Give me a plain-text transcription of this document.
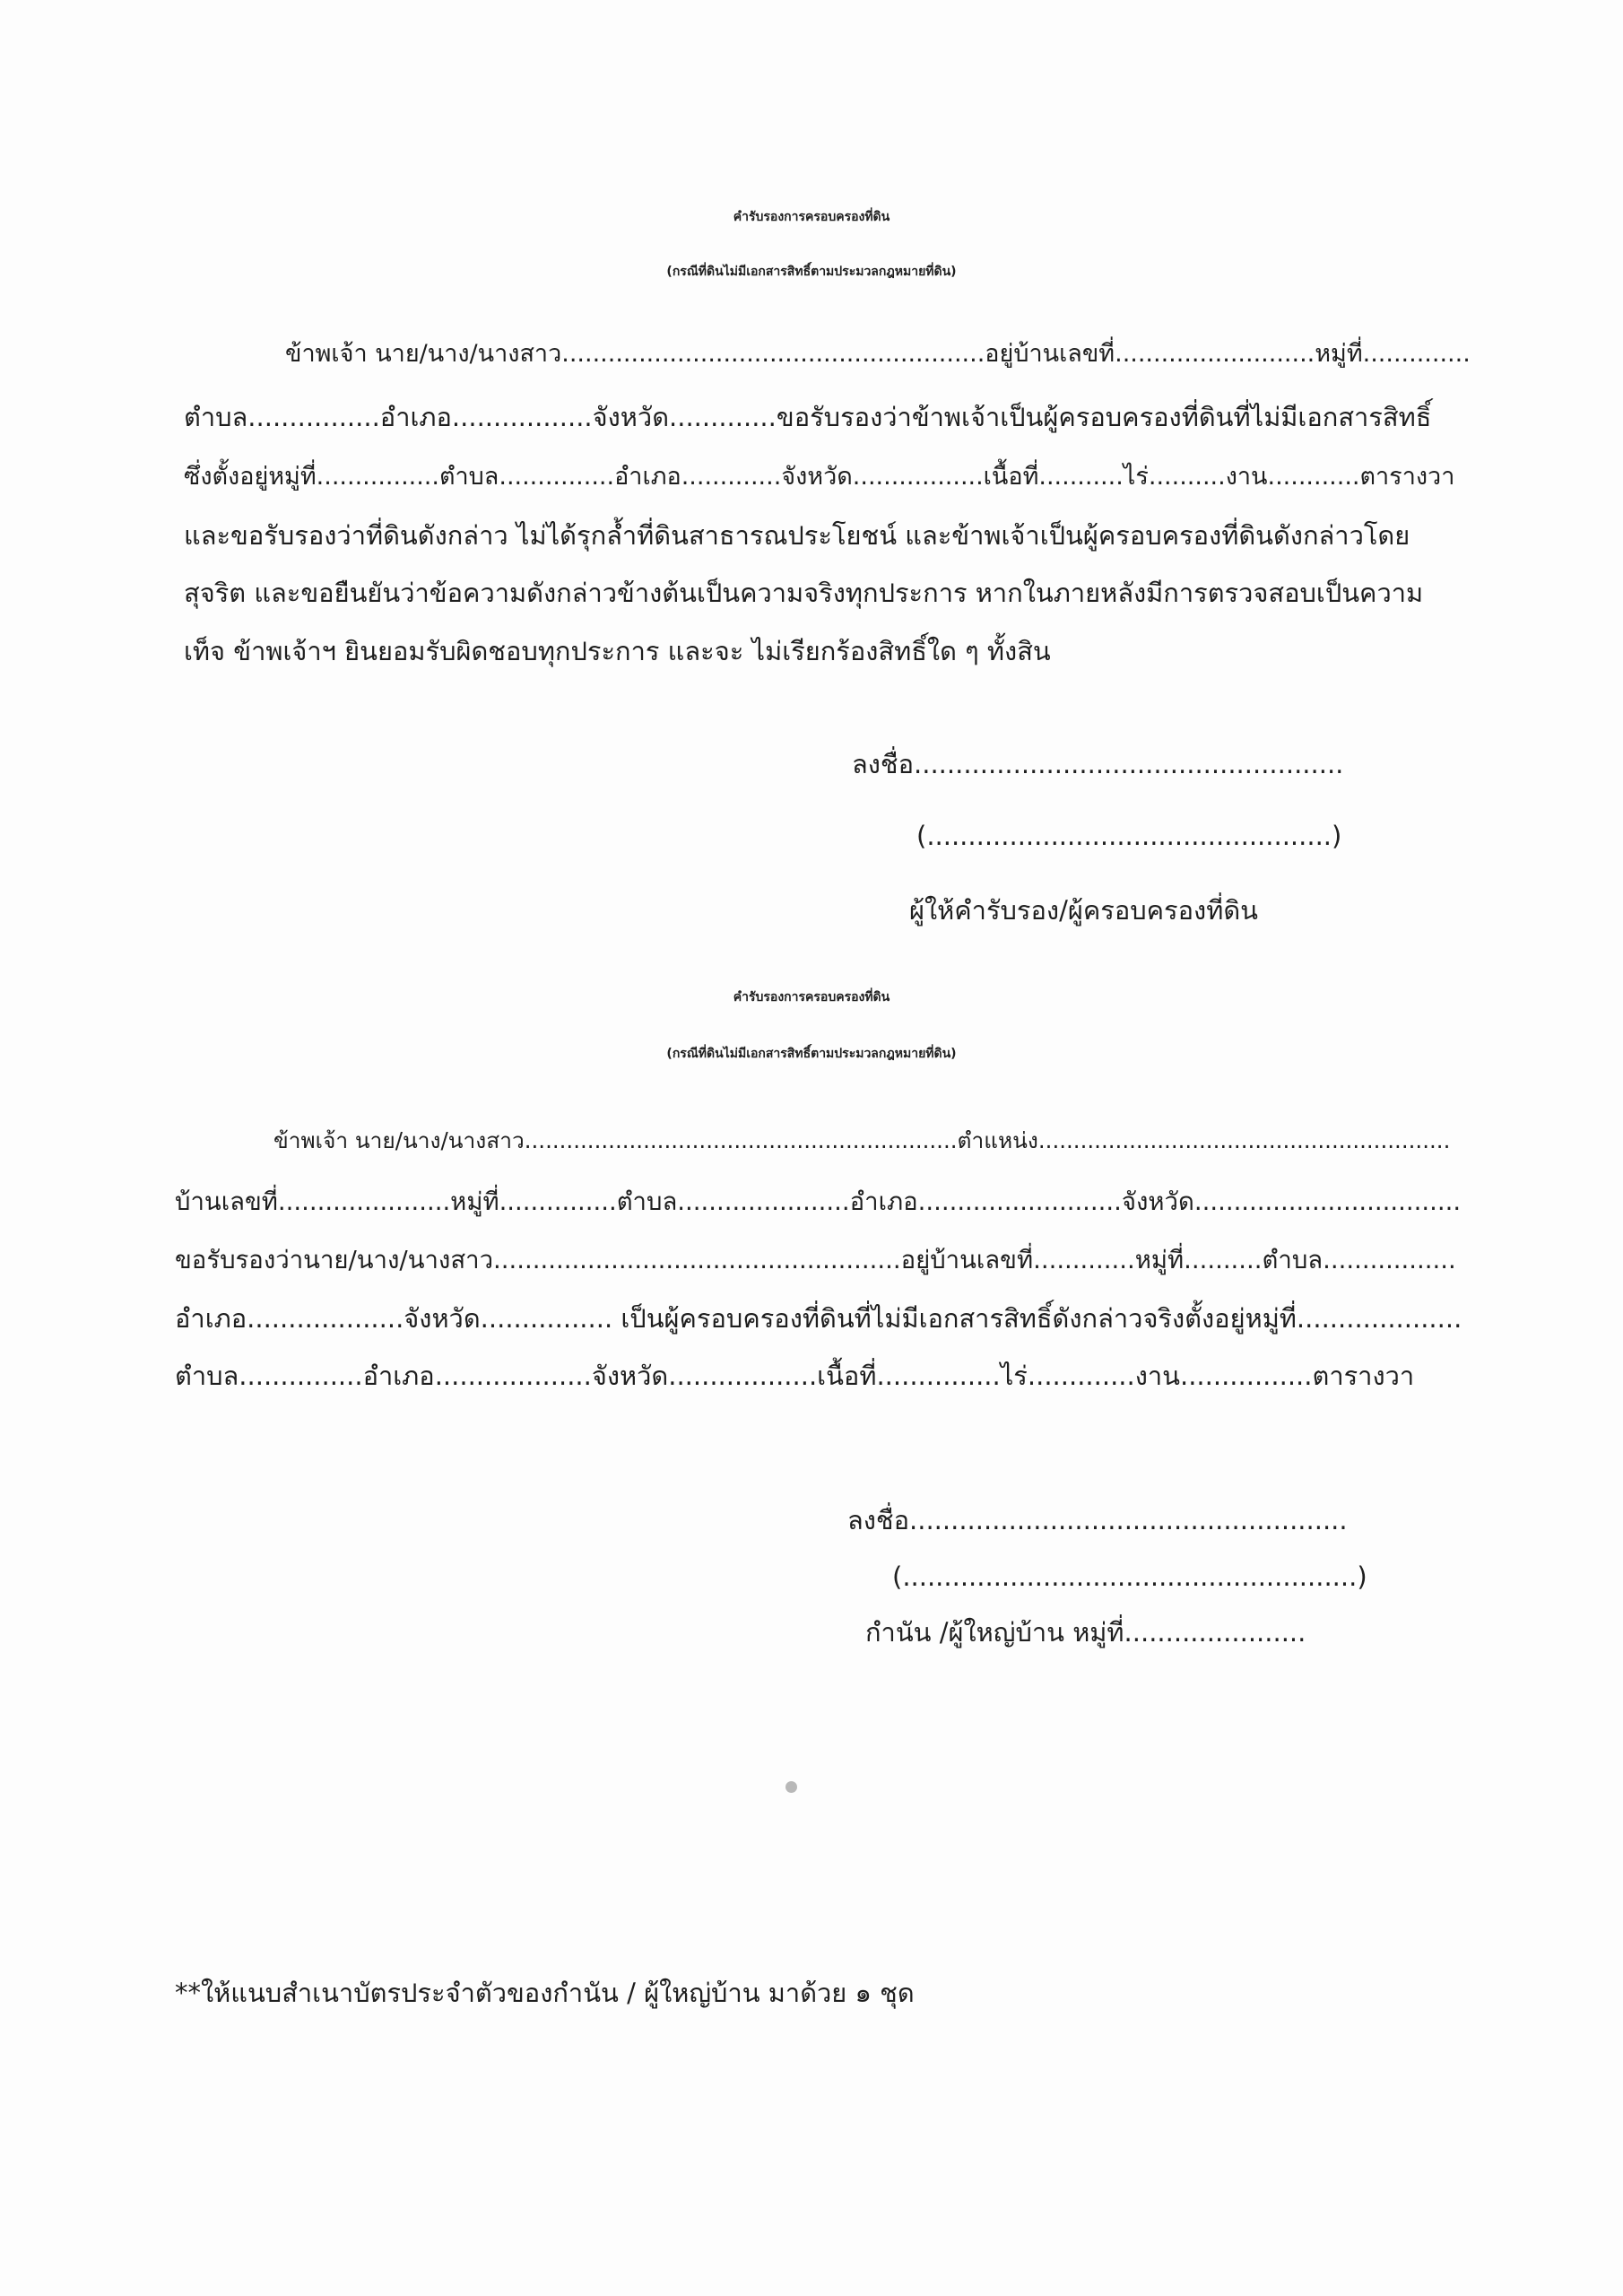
คำรับรองการครอบครองที่ดิน
(กรณีที่ดินไม่มีเอกสารสิทธิ์ตามประมวลกฎหมายที่ดิน)
ข้าพเจ้า นาย/นาง/นางสาว.......................................................อยู่บ้านเลขที่..........................หมู่ที่..............
ตำบล................อำเภอ.................จังหวัด.............ขอรับรองว่าข้าพเจ้าเป็นผู้ครอบครองที่ดินที่ไม่มีเอกสารสิทธิ์
ซึ่งตั้งอยู่หมู่ที่................ตำบล...............อำเภอ.............จังหวัด.................เนื้อที่...........ไร่..........งาน............ตารางวา
และขอรับรองว่าที่ดินดังกล่าว ไม่ได้รุกล้ำที่ดินสาธารณประโยชน์ และข้าพเจ้าเป็นผู้ครอบครองที่ดินดังกล่าวโดย
สุจริต และขอยืนยันว่าข้อความดังกล่าวข้างต้นเป็นความจริงทุกประการ หากในภายหลังมีการตรวจสอบเป็นความ
เท็จ ข้าพเจ้าฯ ยินยอมรับผิดชอบทุกประการ และจะ ไม่เรียกร้องสิทธิ์ใด ๆ ทั้งสิน
ลงชื่อ....................................................
(.................................................)
ผู้ให้คำรับรอง/ผู้ครอบครองที่ดิน
คำรับรองการครอบครองที่ดิน
(กรณีที่ดินไม่มีเอกสารสิทธิ์ตามประมวลกฎหมายที่ดิน)
ข้าพเจ้า นาย/นาง/นางสาว..............................................................ตำแหน่ง...........................................................
บ้านเลขที่......................หมู่ที่...............ตำบล......................อำเภอ..........................จังหวัด..................................
ขอรับรองว่านาย/นาง/นางสาว....................................................อยู่บ้านเลขที่.............หมู่ที่..........ตำบล.................
อำเภอ...................จังหวัด................ เป็นผู้ครอบครองที่ดินที่ไม่มีเอกสารสิทธิ์ดังกล่าวจริงตั้งอยู่หมู่ที่....................
ตำบล...............อำเภอ...................จังหวัด..................เนื้อที่...............ไร่.............งาน................ตารางวา
ลงชื่อ.....................................................
(.......................................................)
กำนัน /ผู้ใหญ่บ้าน หมู่ที่......................
**ให้แนบสำเนาบัตรประจำตัวของกำนัน / ผู้ใหญ่บ้าน มาด้วย ๑ ชุด
